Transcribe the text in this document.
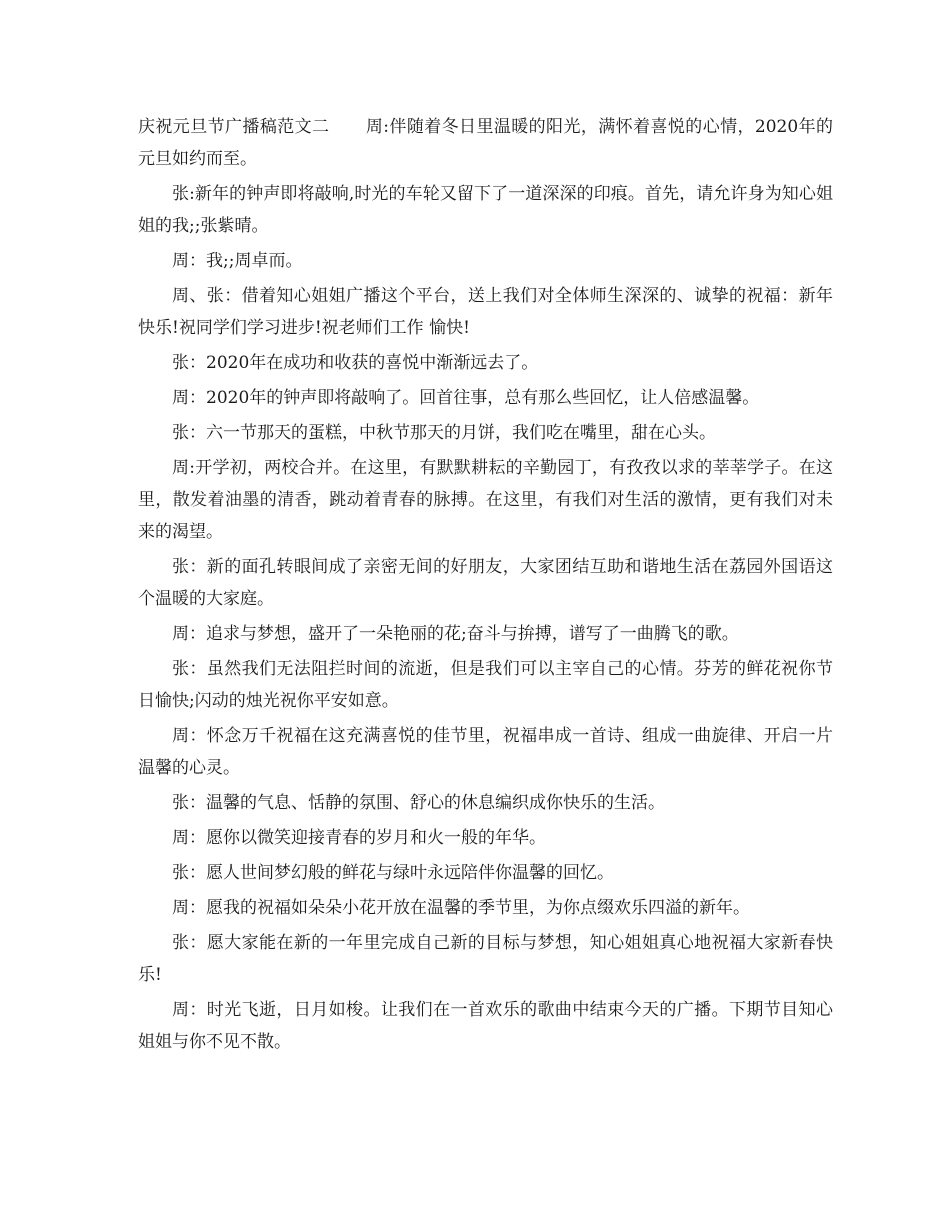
庆祝元旦节广播稿范文二 周:伴随着冬日里温暖的阳光，满怀着喜悦的心情，2020年的元旦如约而至。

张:新年的钟声即将敲响,时光的车轮又留下了一道深深的印痕。首先，请允许身为知心姐姐的我;;张紫晴。

周：我;;周卓而。

周、张：借着知心姐姐广播这个平台，送上我们对全体师生深深的、诚挚的祝福：新年快乐!祝同学们学习进步!祝老师们工作 愉快!

张：2020年在成功和收获的喜悦中渐渐远去了。

周：2020年的钟声即将敲响了。回首往事，总有那么些回忆，让人倍感温馨。

张：六一节那天的蛋糕，中秋节那天的月饼，我们吃在嘴里，甜在心头。

周:开学初，两校合并。在这里，有默默耕耘的辛勤园丁，有孜孜以求的莘莘学子。在这里，散发着油墨的清香，跳动着青春的脉搏。在这里，有我们对生活的激情，更有我们对未来的渴望。

张：新的面孔转眼间成了亲密无间的好朋友，大家团结互助和谐地生活在荔园外国语这个温暖的大家庭。

周：追求与梦想，盛开了一朵艳丽的花;奋斗与拚搏，谱写了一曲腾飞的歌。

张：虽然我们无法阻拦时间的流逝，但是我们可以主宰自己的心情。芬芳的鲜花祝你节日愉快;闪动的烛光祝你平安如意。

周：怀念万千祝福在这充满喜悦的佳节里，祝福串成一首诗、组成一曲旋律、开启一片温馨的心灵。

张：温馨的气息、恬静的氛围、舒心的休息编织成你快乐的生活。

周：愿你以微笑迎接青春的岁月和火一般的年华。

张：愿人世间梦幻般的鲜花与绿叶永远陪伴你温馨的回忆。

周：愿我的祝福如朵朵小花开放在温馨的季节里，为你点缀欢乐四溢的新年。

张：愿大家能在新的一年里完成自己新的目标与梦想，知心姐姐真心地祝福大家新春快乐!

周：时光飞逝，日月如梭。让我们在一首欢乐的歌曲中结束今天的广播。下期节目知心姐姐与你不见不散。
